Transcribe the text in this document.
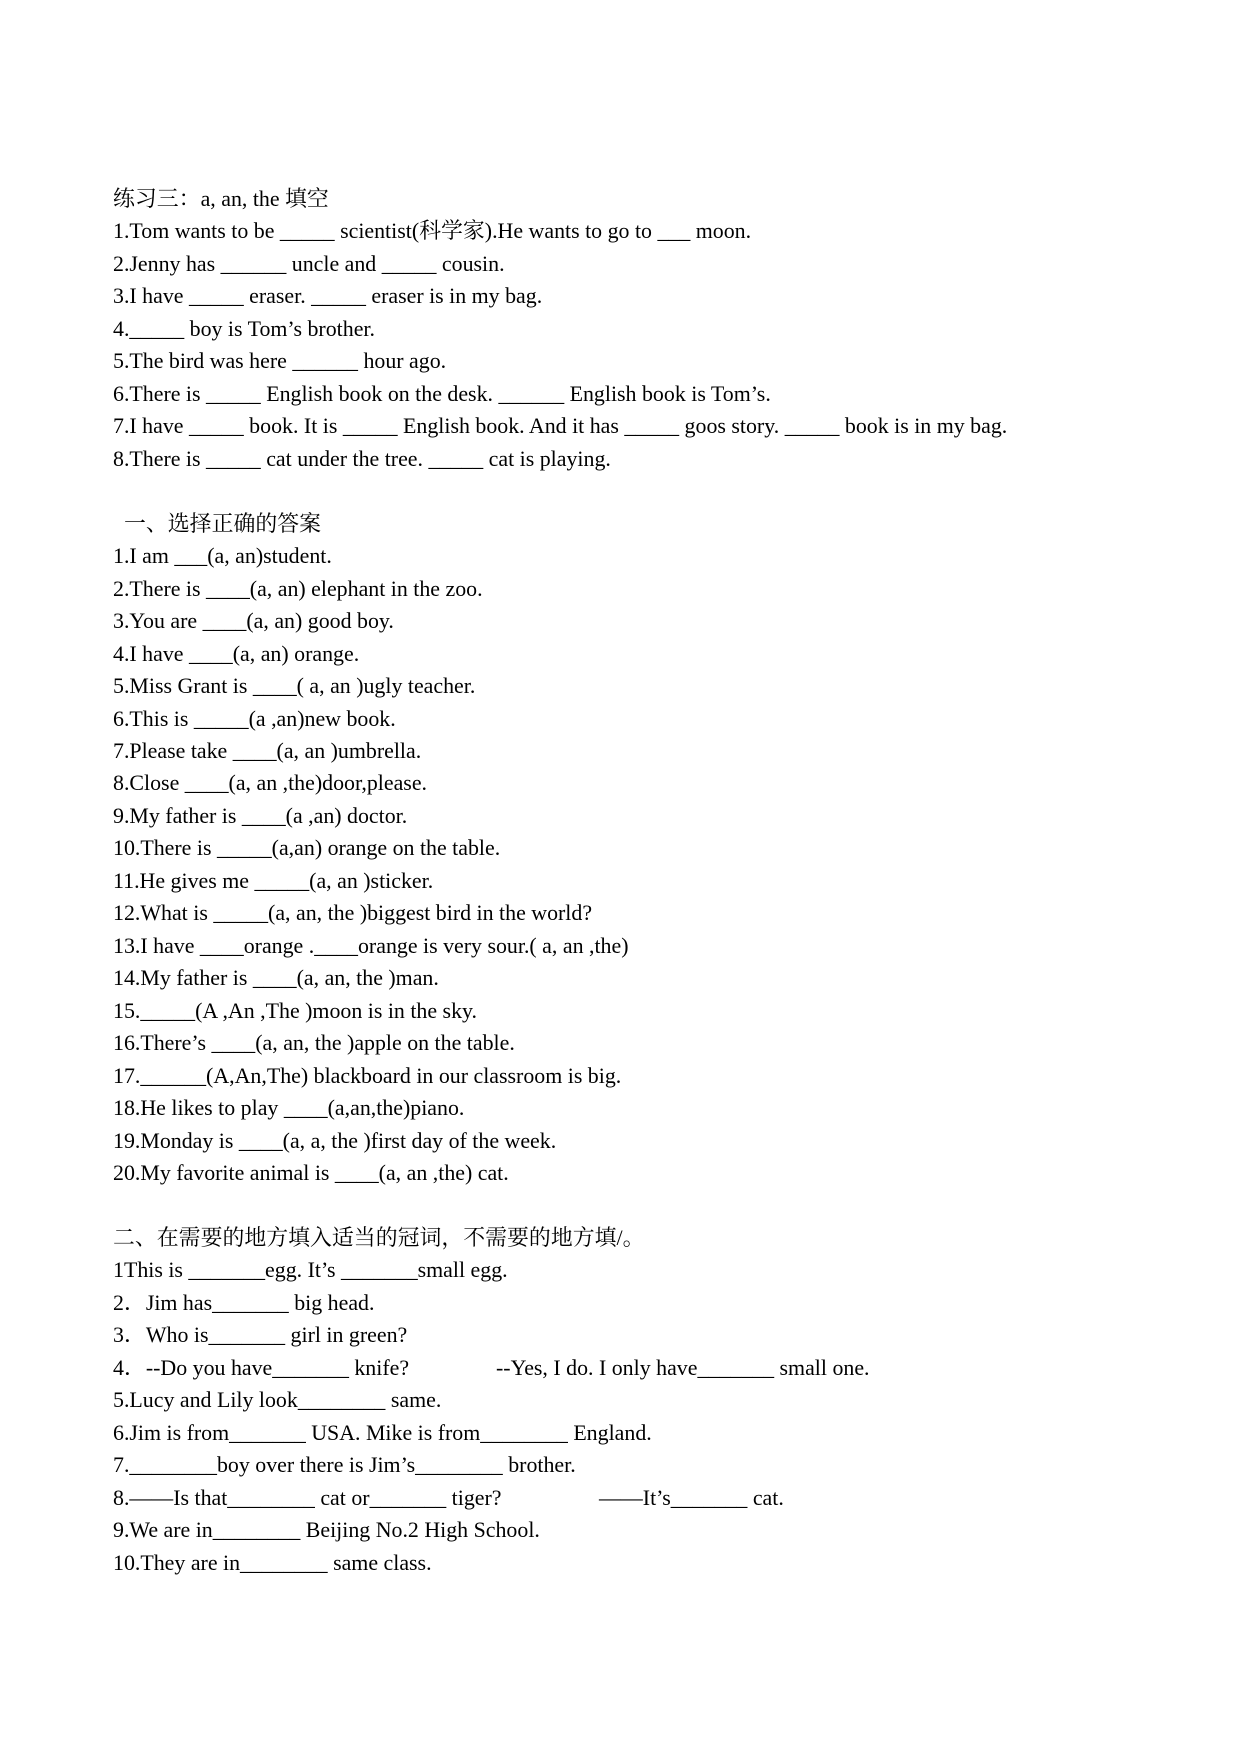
练习三：a, an, the 填空
1.Tom wants to be _____ scientist(科学家).He wants to go to ___ moon.
2.Jenny has ______ uncle and _____ cousin.
3.I have _____ eraser. _____ eraser is in my bag.
4._____ boy is Tom’s brother.
5.The bird was here ______ hour ago.
6.There is _____ English book on the desk. ______ English book is Tom’s.
7.I have _____ book. It is _____ English book. And it has _____ goos story. _____ book is in my bag.
8.There is _____ cat under the tree. _____ cat is playing.
一、选择正确的答案
1.I am ___(a, an)student.
2.There is ____(a, an) elephant in the zoo.
3.You are ____(a, an) good boy.
4.I have ____(a, an) orange.
5.Miss Grant is ____( a, an )ugly teacher.
6.This is _____(a ,an)new book.
7.Please take ____(a, an )umbrella.
8.Close ____(a, an ,the)door,please.
9.My father is ____(a ,an) doctor.
10.There is _____(a,an) orange on the table.
11.He gives me _____(a, an )sticker.
12.What is _____(a, an, the )biggest bird in the world?
13.I have ____orange .____orange is very sour.( a, an ,the)
14.My father is ____(a, an, the )man.
15._____(A ,An ,The )moon is in the sky.
16.There’s ____(a, an, the )apple on the table.
17.______(A,An,The) blackboard in our classroom is big.
18.He likes to play ____(a,an,the)piano.
19.Monday is ____(a, a, the )first day of the week.
20.My favorite animal is ____(a, an ,the) cat.
二、在需要的地方填入适当的冠词，不需要的地方填/。
1This is _______egg. It’s _______small egg.
2．Jim has_______ big head.
3．Who is_______ girl in green?
4．--Do you have_______ knife?	--Yes, I do. I only have_______ small one.
5.Lucy and Lily look________ same.
6.Jim is from_______ USA. Mike is from________ England.
7.________boy over there is Jim’s________ brother.
8.——Is that________ cat or_______ tiger?	——It’s_______ cat.
9.We are in________ Beijing No.2 High School.
10.They are in________ same class.
